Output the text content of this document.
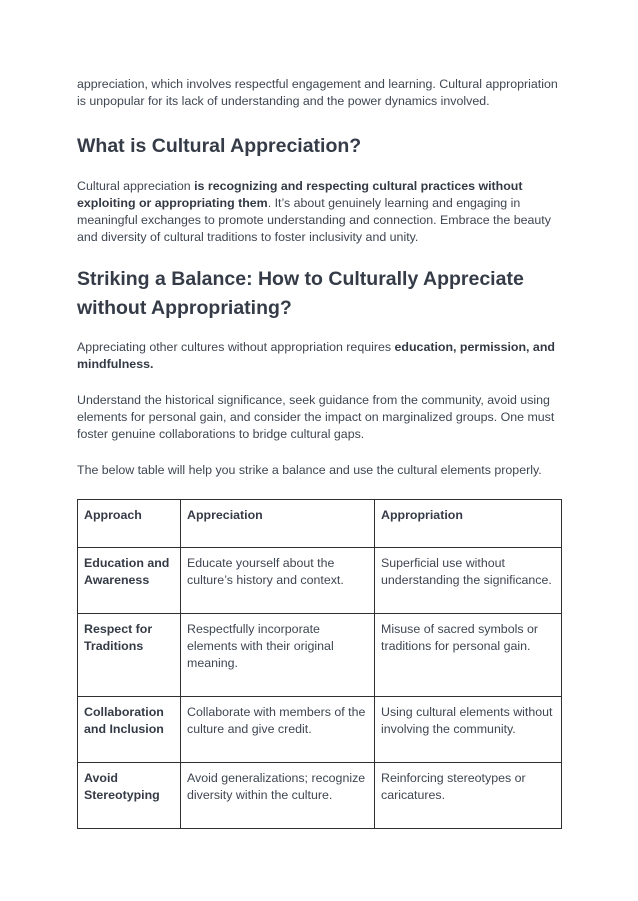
appreciation, which involves respectful engagement and learning. Cultural appropriation is unpopular for its lack of understanding and the power dynamics involved.

What is Cultural Appreciation?

Cultural appreciation is recognizing and respecting cultural practices without exploiting or appropriating them. It’s about genuinely learning and engaging in meaningful exchanges to promote understanding and connection. Embrace the beauty and diversity of cultural traditions to foster inclusivity and unity.

Striking a Balance: How to Culturally Appreciate without Appropriating?

Appreciating other cultures without appropriation requires education, permission, and mindfulness.

Understand the historical significance, seek guidance from the community, avoid using elements for personal gain, and consider the impact on marginalized groups. One must foster genuine collaborations to bridge cultural gaps.

The below table will help you strike a balance and use the cultural elements properly.

Approach	Appreciation	Appropriation
Education and Awareness	Educate yourself about the culture’s history and context.	Superficial use without understanding the significance.
Respect for Traditions	Respectfully incorporate elements with their original meaning.	Misuse of sacred symbols or traditions for personal gain.
Collaboration and Inclusion	Collaborate with members of the culture and give credit.	Using cultural elements without involving the community.
Avoid Stereotyping	Avoid generalizations; recognize diversity within the culture.	Reinforcing stereotypes or caricatures.
